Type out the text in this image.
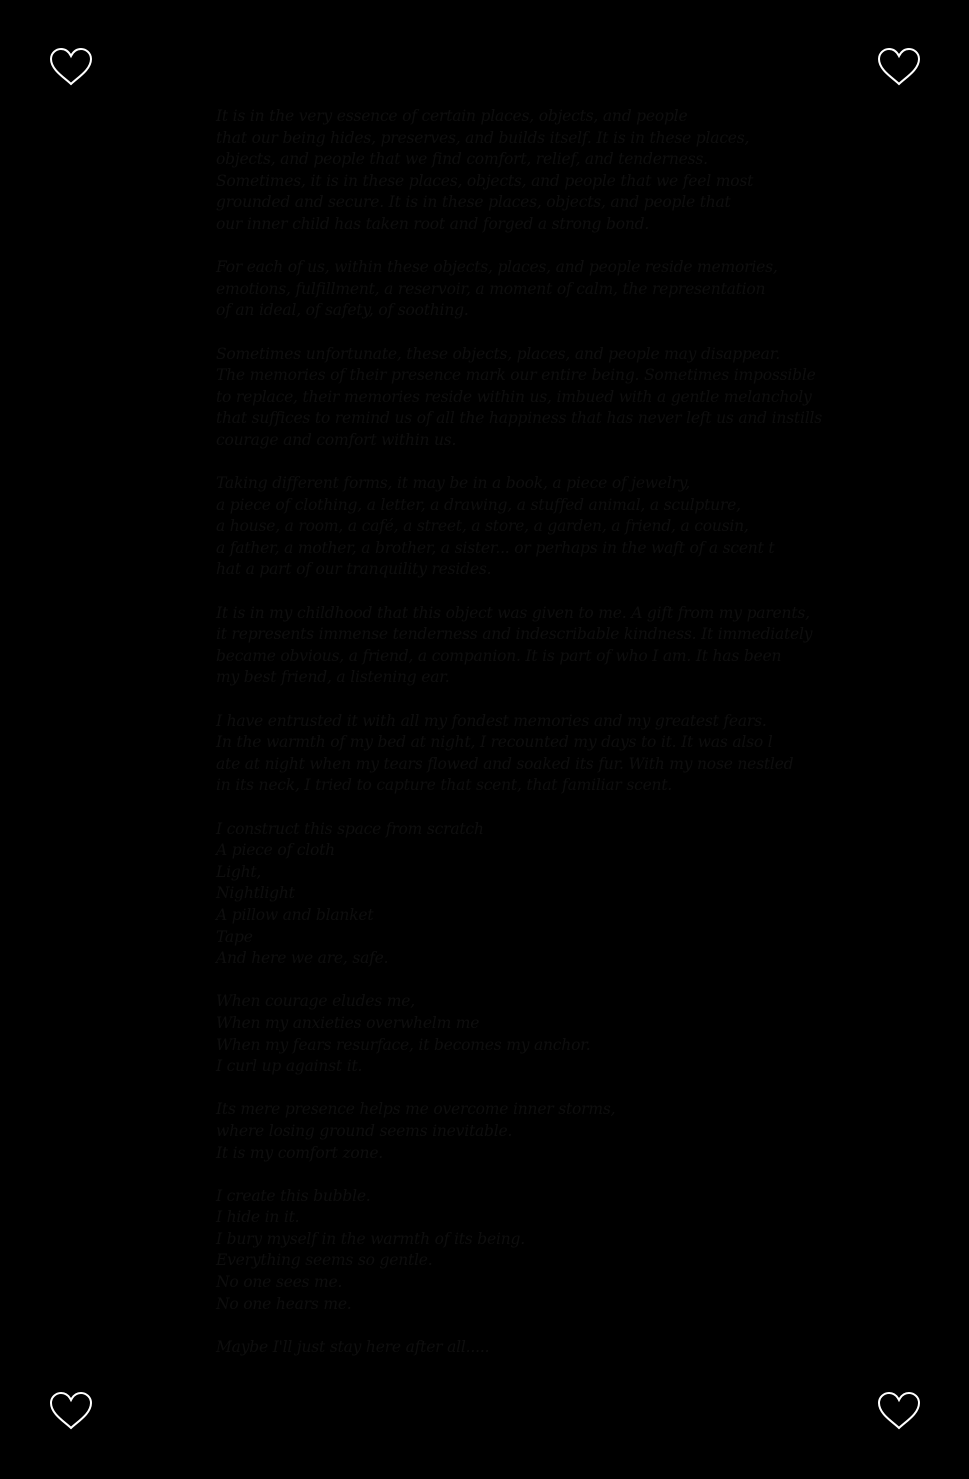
It is in the very essence of certain places, objects, and people
that our being hides, preserves, and builds itself. It is in these places,
objects, and people that we find comfort, relief, and tenderness.
Sometimes, it is in these places, objects, and people that we feel most
grounded and secure. It is in these places, objects, and people that
our inner child has taken root and forged a strong bond.
For each of us, within these objects, places, and people reside memories,
emotions, fulfillment, a reservoir, a moment of calm, the representation
of an ideal, of safety, of soothing.
Sometimes unfortunate, these objects, places, and people may disappear.
The memories of their presence mark our entire being. Sometimes impossible
to replace, their memories reside within us, imbued with a gentle melancholy
that suffices to remind us of all the happiness that has never left us and instills
courage and comfort within us.
Taking different forms, it may be in a book, a piece of jewelry,
a piece of clothing, a letter, a drawing, a stuffed animal, a sculpture,
a house, a room, a café, a street, a store, a garden, a friend, a cousin,
a father, a mother, a brother, a sister... or perhaps in the waft of a scent t
hat a part of our tranquility resides.
It is in my childhood that this object was given to me. A gift from my parents,
it represents immense tenderness and indescribable kindness. It immediately
became obvious, a friend, a companion. It is part of who I am. It has been
my best friend, a listening ear.
I have entrusted it with all my fondest memories and my greatest fears.
In the warmth of my bed at night, I recounted my days to it. It was also l
ate at night when my tears flowed and soaked its fur. With my nose nestled
in its neck, I tried to capture that scent, that familiar scent.
I construct this space from scratch
A piece of cloth
Light,
Nightlight
A pillow and blanket
Tape
And here we are, safe.
When courage eludes me,
When my anxieties overwhelm me
When my fears resurface, it becomes my anchor.
I curl up against it.
Its mere presence helps me overcome inner storms,
where losing ground seems inevitable.
It is my comfort zone.
I create this bubble.
I hide in it.
I bury myself in the warmth of its being.
Everything seems so gentle.
No one sees me.
No one hears me.
Maybe I'll just stay here after all.....
